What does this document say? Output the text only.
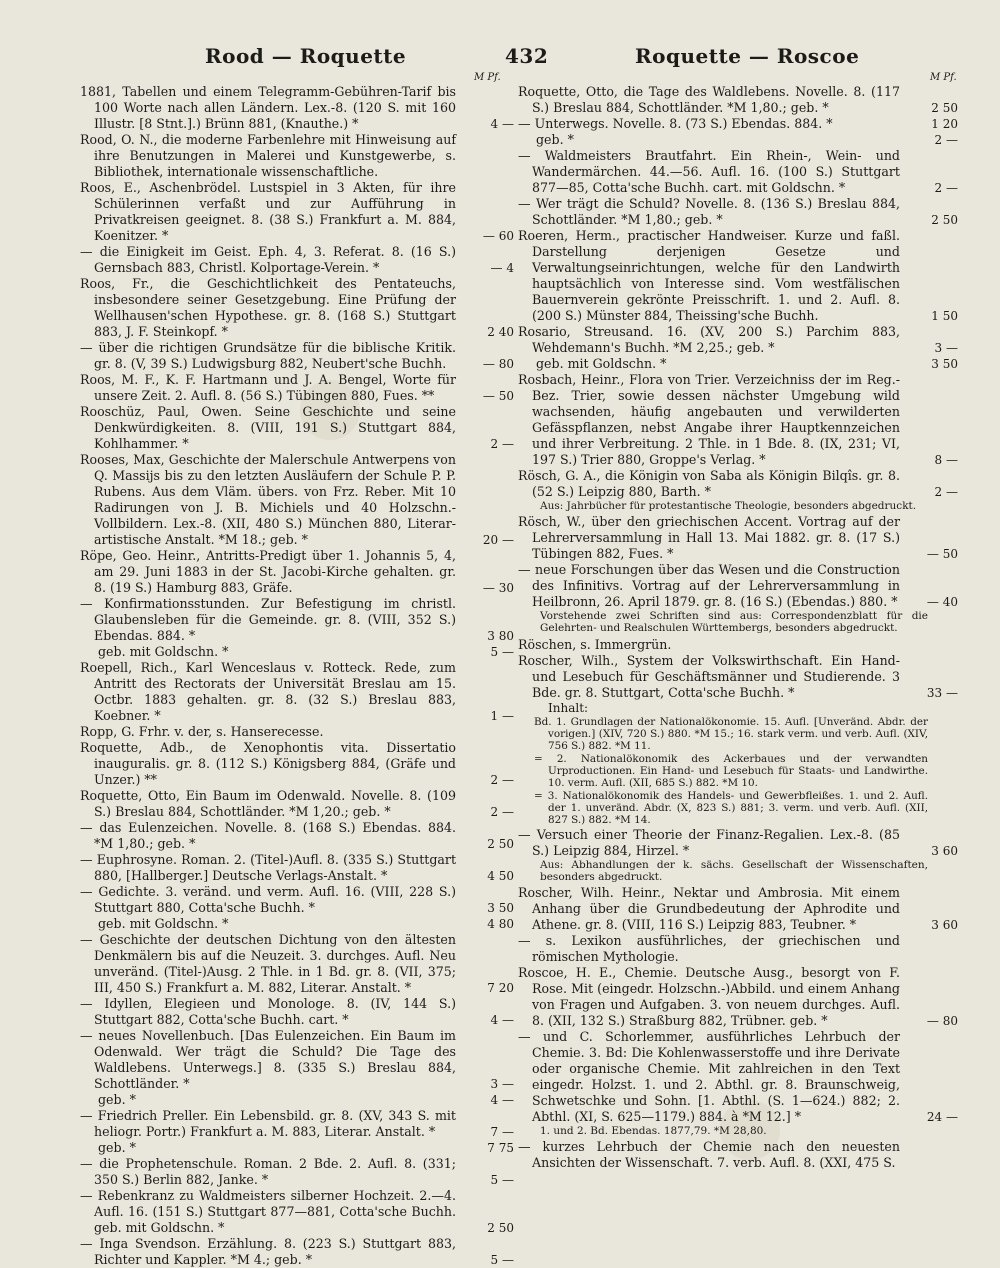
Rood — Roquette	432	Roquette — Roscoe
M Pf.	M Pf.
1881, Tabellen und einem Telegramm-Gebühren-Tarif bis 100 Worte nach allen Ländern. Lex.-8. (120 S. mit 160 Illustr. [8 Stnt.].) Brünn 881, (Knauthe.) *	4 —
Rood, O. N., die moderne Farbenlehre mit Hinweisung auf ihre Benutzungen in Malerei und Kunstgewerbe, s. Bibliothek, internationale wissenschaftliche.
Roos, E., Aschenbrödel. Lustspiel in 3 Akten, für ihre Schülerinnen verfaßt und zur Aufführung in Privatkreisen geeignet. 8. (38 S.) Frankfurt a. M. 884, Koenitzer. *	— 60
— die Einigkeit im Geist. Eph. 4, 3. Referat. 8. (16 S.) Gernsbach 883, Christl. Kolportage-Verein. *	— 4
Roos, Fr., die Geschichtlichkeit des Pentateuchs, insbesondere seiner Gesetzgebung. Eine Prüfung der Wellhausen'schen Hypothese. gr. 8. (168 S.) Stuttgart 883, J. F. Steinkopf. *	2 40
— über die richtigen Grundsätze für die biblische Kritik. gr. 8. (V, 39 S.) Ludwigsburg 882, Neubert'sche Buchh.	— 80
Roos, M. F., K. F. Hartmann und J. A. Bengel, Worte für unsere Zeit. 2. Aufl. 8. (56 S.) Tübingen 880, Fues. **	— 50
Rooschüz, Paul, Owen. Seine Geschichte und seine Denkwürdigkeiten. 8. (VIII, 191 S.) Stuttgart 884, Kohlhammer. *	2 —
Rooses, Max, Geschichte der Malerschule Antwerpens von Q. Massijs bis zu den letzten Ausläufern der Schule P. P. Rubens. Aus dem Vläm. übers. von Frz. Reber. Mit 10 Radirungen von J. B. Michiels und 40 Holzschn.-Vollbildern. Lex.-8. (XII, 480 S.) München 880, Literar-artistische Anstalt. *M 18.; geb. *	20 —
Röpe, Geo. Heinr., Antritts-Predigt über 1. Johannis 5, 4, am 29. Juni 1883 in der St. Jacobi-Kirche gehalten. gr. 8. (19 S.) Hamburg 883, Gräfe.	— 30
— Konfirmationsstunden. Zur Befestigung im christl. Glaubensleben für die Gemeinde. gr. 8. (VIII, 352 S.) Ebendas. 884. *	3 80
geb. mit Goldschn. *	5 —
Roepell, Rich., Karl Wenceslaus v. Rotteck. Rede, zum Antritt des Rectorats der Universität Breslau am 15. Octbr. 1883 gehalten. gr. 8. (32 S.) Breslau 883, Koebner. *	1 —
Ropp, G. Frhr. v. der, s. Hanserecesse.
Roquette, Adb., de Xenophontis vita. Dissertatio inauguralis. gr. 8. (112 S.) Königsberg 884, (Gräfe und Unzer.) **	2 —
Roquette, Otto, Ein Baum im Odenwald. Novelle. 8. (109 S.) Breslau 884, Schottländer. *M 1,20.; geb. *	2 —
— das Eulenzeichen. Novelle. 8. (168 S.) Ebendas. 884. *M 1,80.; geb. *	2 50
— Euphrosyne. Roman. 2. (Titel-)Aufl. 8. (335 S.) Stuttgart 880, [Hallberger.] Deutsche Verlags-Anstalt. *	4 50
— Gedichte. 3. veränd. und verm. Aufl. 16. (VIII, 228 S.) Stuttgart 880, Cotta'sche Buchh. *	3 50
geb. mit Goldschn. *	4 80
— Geschichte der deutschen Dichtung von den ältesten Denkmälern bis auf die Neuzeit. 3. durchges. Aufl. Neu unveränd. (Titel-)Ausg. 2 Thle. in 1 Bd. gr. 8. (VII, 375; III, 450 S.) Frankfurt a. M. 882, Literar. Anstalt. *	7 20
— Idyllen, Elegieen und Monologe. 8. (IV, 144 S.) Stuttgart 882, Cotta'sche Buchh. cart. *	4 —
— neues Novellenbuch. [Das Eulenzeichen. Ein Baum im Odenwald. Wer trägt die Schuld? Die Tage des Waldlebens. Unterwegs.] 8. (335 S.) Breslau 884, Schottländer. *	3 —
geb. *	4 —
— Friedrich Preller. Ein Lebensbild. gr. 8. (XV, 343 S. mit heliogr. Portr.) Frankfurt a. M. 883, Literar. Anstalt. *	7 —
geb. *	7 75
— die Prophetenschule. Roman. 2 Bde. 2. Aufl. 8. (331; 350 S.) Berlin 882, Janke. *	5 —
— Rebenkranz zu Waldmeisters silberner Hochzeit. 2.—4. Aufl. 16. (151 S.) Stuttgart 877—881, Cotta'sche Buchh. geb. mit Goldschn. *	2 50
— Inga Svendson. Erzählung. 8. (223 S.) Stuttgart 883, Richter und Kappler. *M 4.; geb. *	5 —
Roquette, Otto, die Tage des Waldlebens. Novelle. 8. (117 S.) Breslau 884, Schottländer. *M 1,80.; geb. *	2 50
— Unterwegs. Novelle. 8. (73 S.) Ebendas. 884. *	1 20
geb. *	2 —
— Waldmeisters Brautfahrt. Ein Rhein-, Wein- und Wandermärchen. 44.—56. Aufl. 16. (100 S.) Stuttgart 877—85, Cotta'sche Buchh. cart. mit Goldschn. *	2 —
— Wer trägt die Schuld? Novelle. 8. (136 S.) Breslau 884, Schottländer. *M 1,80.; geb. *	2 50
Roeren, Herm., practischer Handweiser. Kurze und faßl. Darstellung derjenigen Gesetze und Verwaltungseinrichtungen, welche für den Landwirth hauptsächlich von Interesse sind. Vom westfälischen Bauernverein gekrönte Preisschrift. 1. und 2. Aufl. 8. (200 S.) Münster 884, Theissing'sche Buchh.	1 50
Rosario, Streusand. 16. (XV, 200 S.) Parchim 883, Wehdemann's Buchh. *M 2,25.; geb. *	3 —
geb. mit Goldschn. *	3 50
Rosbach, Heinr., Flora von Trier. Verzeichniss der im Reg.-Bez. Trier, sowie dessen nächster Umgebung wild wachsenden, häufig angebauten und verwilderten Gefässpflanzen, nebst Angabe ihrer Hauptkennzeichen und ihrer Verbreitung. 2 Thle. in 1 Bde. 8. (IX, 231; VI, 197 S.) Trier 880, Groppe's Verlag. *	8 —
Rösch, G. A., die Königin von Saba als Königin Bilqîs. gr. 8. (52 S.) Leipzig 880, Barth. *	2 —
Aus: Jahrbücher für protestantische Theologie, besonders abgedruckt.
Rösch, W., über den griechischen Accent. Vortrag auf der Lehrerversammlung in Hall 13. Mai 1882. gr. 8. (17 S.) Tübingen 882, Fues. *	— 50
— neue Forschungen über das Wesen und die Construction des Infinitivs. Vortrag auf der Lehrerversammlung in Heilbronn, 26. April 1879. gr. 8. (16 S.) (Ebendas.) 880. *	— 40
Vorstehende zwei Schriften sind aus: Correspondenzblatt für die Gelehrten- und Realschulen Württembergs, besonders abgedruckt.
Röschen, s. Immergrün.
Roscher, Wilh., System der Volkswirthschaft. Ein Hand- und Lesebuch für Geschäftsmänner und Studierende. 3 Bde. gr. 8. Stuttgart, Cotta'sche Buchh. *	33 —
Inhalt:
Bd. 1. Grundlagen der Nationalökonomie. 15. Aufl. [Unveränd. Abdr. der vorigen.] (XIV, 720 S.) 880. *M 15.; 16. stark verm. und verb. Aufl. (XIV, 756 S.) 882. *M 11.
= 2. Nationalökonomik des Ackerbaues und der verwandten Urproductionen. Ein Hand- und Lesebuch für Staats- und Landwirthe. 10. verm. Aufl. (XII, 685 S.) 882. *M 10.
= 3. Nationalökonomik des Handels- und Gewerbfleißes. 1. und 2. Aufl. der 1. unveränd. Abdr. (X, 823 S.) 881; 3. verm. und verb. Aufl. (XII, 827 S.) 882. *M 14.
— Versuch einer Theorie der Finanz-Regalien. Lex.-8. (85 S.) Leipzig 884, Hirzel. *	3 60
Aus: Abhandlungen der k. sächs. Gesellschaft der Wissenschaften, besonders abgedruckt.
Roscher, Wilh. Heinr., Nektar und Ambrosia. Mit einem Anhang über die Grundbedeutung der Aphrodite und Athene. gr. 8. (VIII, 116 S.) Leipzig 883, Teubner. *	3 60
— s. Lexikon ausführliches, der griechischen und römischen Mythologie.
Roscoe, H. E., Chemie. Deutsche Ausg., besorgt von F. Rose. Mit (eingedr. Holzschn.-)Abbild. und einem Anhang von Fragen und Aufgaben. 3. von neuem durchges. Aufl. 8. (XII, 132 S.) Straßburg 882, Trübner. geb. *	— 80
— und C. Schorlemmer, ausführliches Lehrbuch der Chemie. 3. Bd: Die Kohlenwasserstoffe und ihre Derivate oder organische Chemie. Mit zahlreichen in den Text eingedr. Holzst. 1. und 2. Abthl. gr. 8. Braunschweig, Schwetschke und Sohn. [1. Abthl. (S. 1—624.) 882; 2. Abthl. (XI, S. 625—1179.) 884. à *M 12.] *	24 —
1. und 2. Bd. Ebendas. 1877,79. *M 28,80.
— kurzes Lehrbuch der Chemie nach den neuesten Ansichten der Wissenschaft. 7. verb. Aufl. 8. (XXI, 475 S.
